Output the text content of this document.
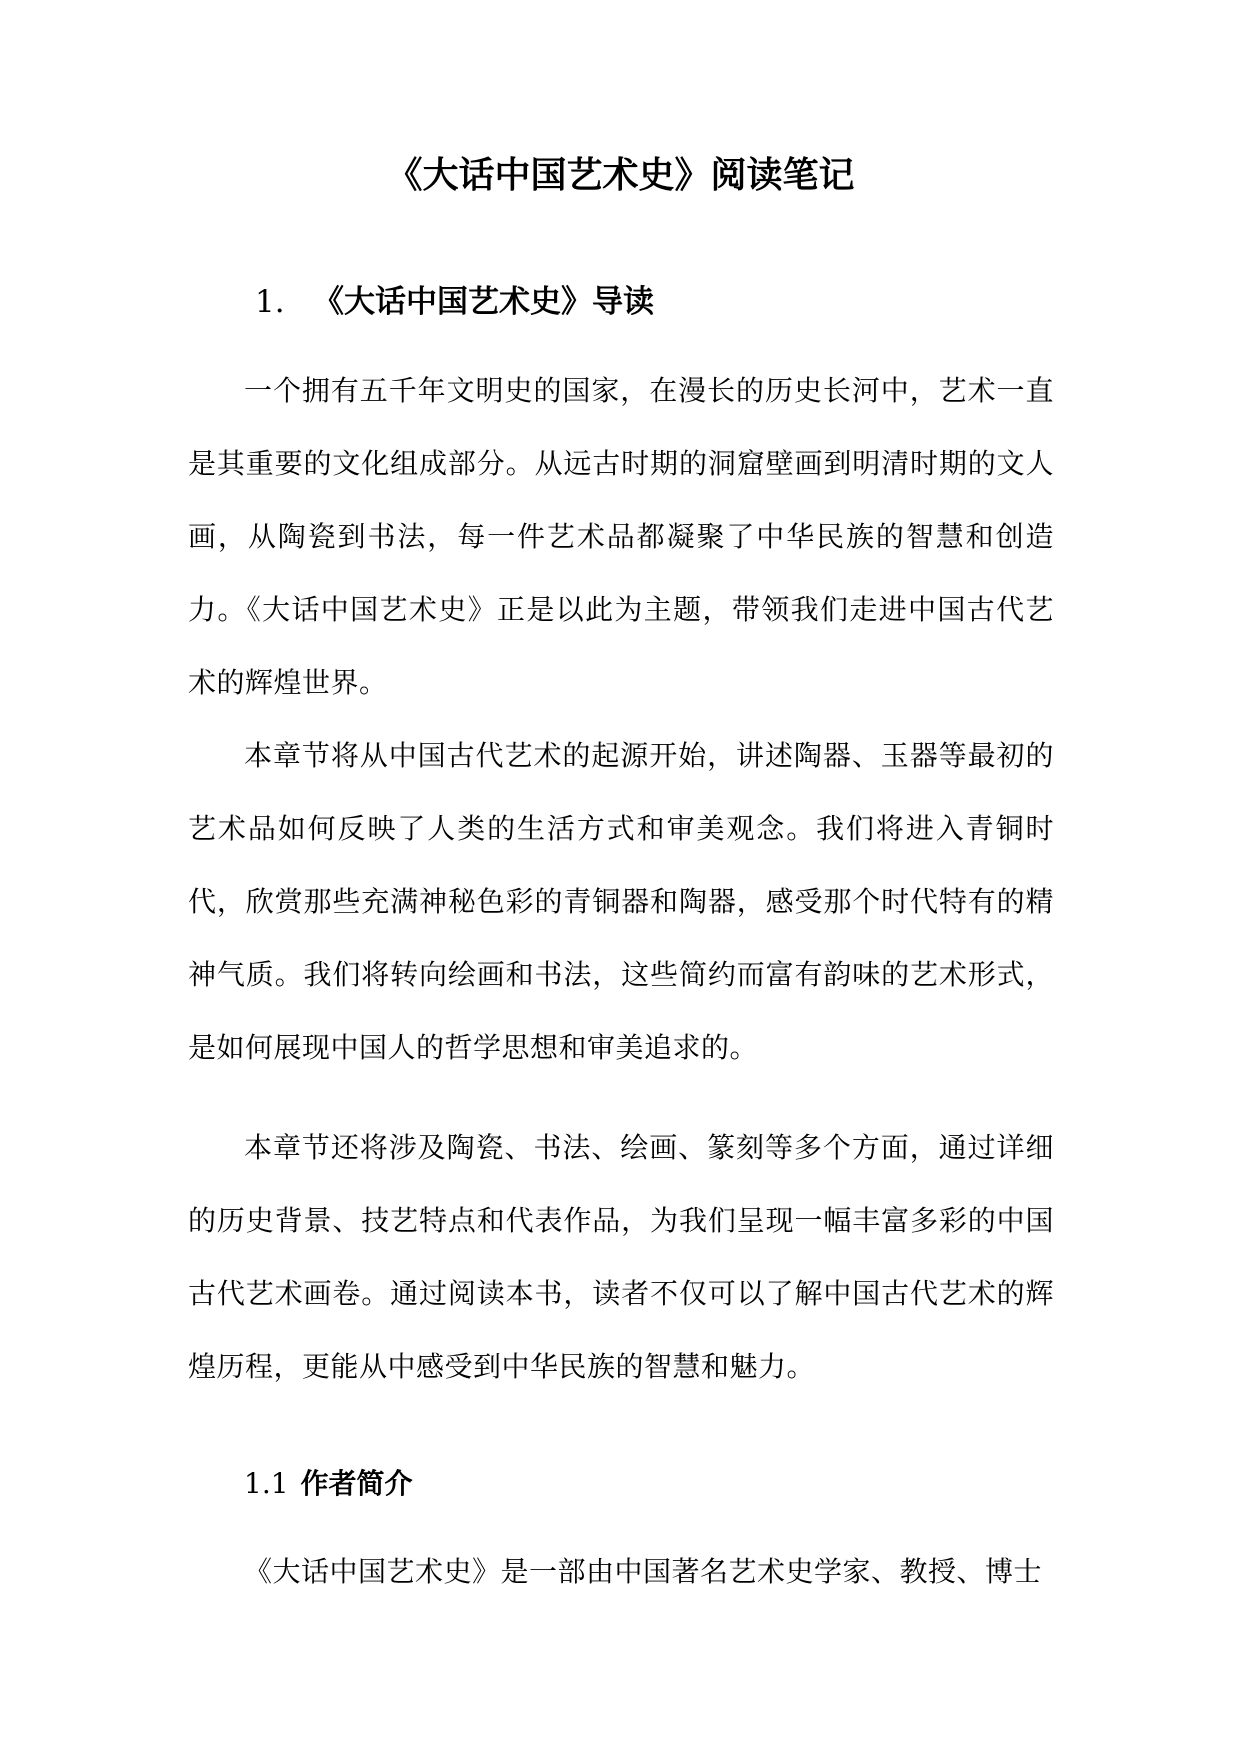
《大话中国艺术史》阅读笔记
1. 《大话中国艺术史》导读

一个拥有五千年文明史的国家，在漫长的历史长河中，艺术一直是其重要的文化组成部分。从远古时期的洞窟壁画到明清时期的文人画，从陶瓷到书法，每一件艺术品都凝聚了中华民族的智慧和创造力。《大话中国艺术史》正是以此为主题，带领我们走进中国古代艺术的辉煌世界。

本章节将从中国古代艺术的起源开始，讲述陶器、玉器等最初的艺术品如何反映了人类的生活方式和审美观念。我们将进入青铜时代，欣赏那些充满神秘色彩的青铜器和陶器，感受那个时代特有的精神气质。我们将转向绘画和书法，这些简约而富有韵味的艺术形式，是如何展现中国人的哲学思想和审美追求的。

本章节还将涉及陶瓷、书法、绘画、篆刻等多个方面，通过详细的历史背景、技艺特点和代表作品，为我们呈现一幅丰富多彩的中国古代艺术画卷。通过阅读本书，读者不仅可以了解中国古代艺术的辉煌历程，更能从中感受到中华民族的智慧和魅力。

1.1 作者简介

《大话中国艺术史》是一部由中国著名艺术史学家、教授、博士
